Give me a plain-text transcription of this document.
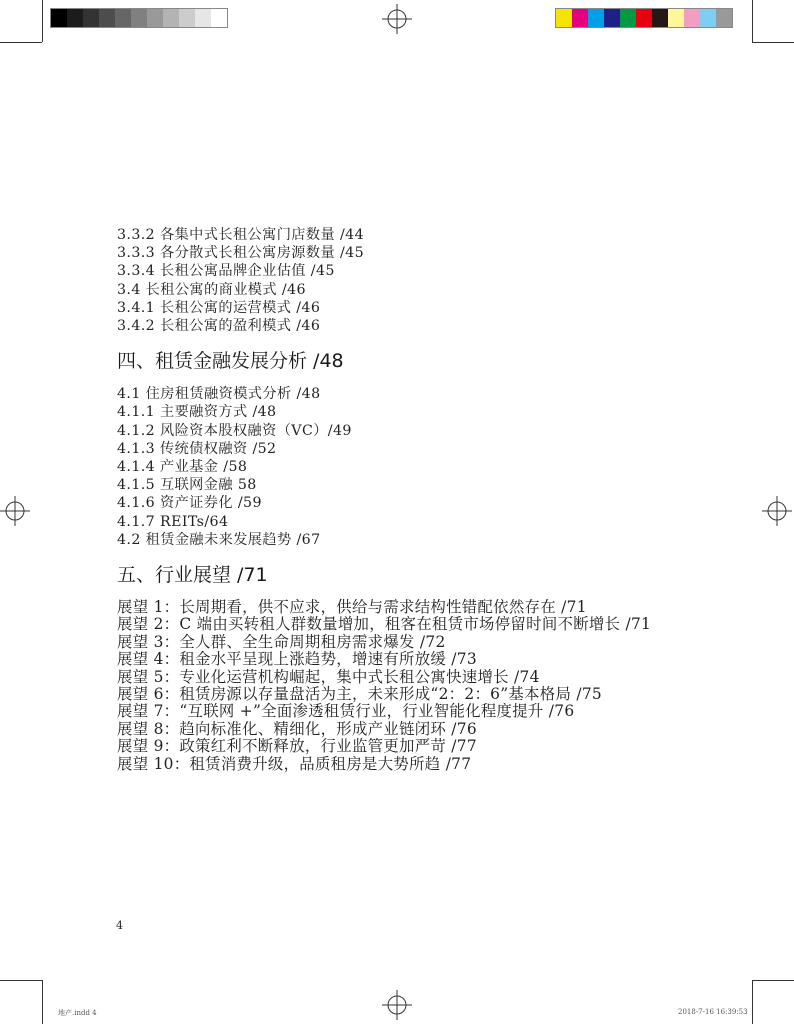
3.3.2 各集中式长租公寓门店数量 /44
3.3.3 各分散式长租公寓房源数量 /45
3.3.4 长租公寓品牌企业估值 /45
3.4 长租公寓的商业模式 /46
3.4.1 长租公寓的运营模式 /46
3.4.2 长租公寓的盈利模式 /46
四、租赁金融发展分析 /48
4.1 住房租赁融资模式分析 /48
4.1.1 主要融资方式 /48
4.1.2 风险资本股权融资（VC）/49
4.1.3 传统债权融资 /52
4.1.4 产业基金 /58
4.1.5 互联网金融 58
4.1.6 资产证券化 /59
4.1.7 REITs/64
4.2 租赁金融未来发展趋势 /67
五、行业展望 /71
展望 1：长周期看，供不应求，供给与需求结构性错配依然存在 /71
展望 2：C 端由买转租人群数量增加，租客在租赁市场停留时间不断增长 /71
展望 3：全人群、全生命周期租房需求爆发 /72
展望 4：租金水平呈现上涨趋势，增速有所放缓 /73
展望 5：专业化运营机构崛起，集中式长租公寓快速增长 /74
展望 6：租赁房源以存量盘活为主，未来形成“2：2：6”基本格局 /75
展望 7：“互联网 +”全面渗透租赁行业，行业智能化程度提升 /76
展望 8：趋向标准化、精细化，形成产业链闭环 /76
展望 9：政策红利不断释放，行业监管更加严苛 /77
展望 10：租赁消费升级，品质租房是大势所趋 /77
4
地产.indd 4	2018-7-16 16:39:53
